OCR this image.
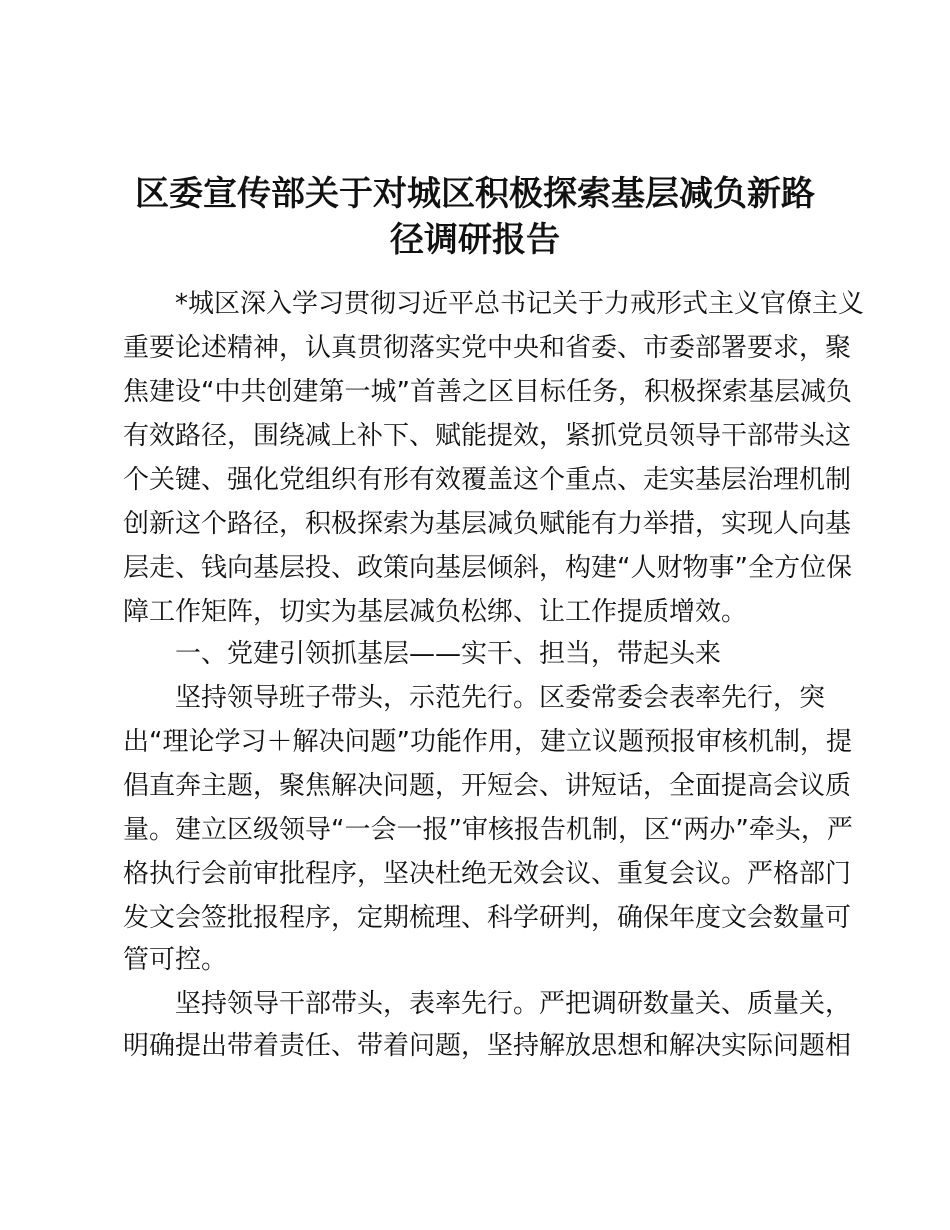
区委宣传部关于对城区积极探索基层减负新路
径调研报告
*城区深入学习贯彻习近平总书记关于力戒形式主义官僚主义
重要论述精神，认真贯彻落实党中央和省委、市委部署要求，聚
焦建设“中共创建第一城”首善之区目标任务，积极探索基层减负
有效路径，围绕减上补下、赋能提效，紧抓党员领导干部带头这
个关键、强化党组织有形有效覆盖这个重点、走实基层治理机制
创新这个路径，积极探索为基层减负赋能有力举措，实现人向基
层走、钱向基层投、政策向基层倾斜，构建“人财物事”全方位保
障工作矩阵，切实为基层减负松绑、让工作提质增效。
一、党建引领抓基层——实干、担当，带起头来
坚持领导班子带头，示范先行。区委常委会表率先行，突
出“理论学习＋解决问题”功能作用，建立议题预报审核机制，提
倡直奔主题，聚焦解决问题，开短会、讲短话，全面提高会议质
量。建立区级领导“一会一报”审核报告机制，区“两办”牵头，严
格执行会前审批程序，坚决杜绝无效会议、重复会议。严格部门
发文会签批报程序，定期梳理、科学研判，确保年度文会数量可
管可控。
坚持领导干部带头，表率先行。严把调研数量关、质量关，
明确提出带着责任、带着问题，坚持解放思想和解决实际问题相
